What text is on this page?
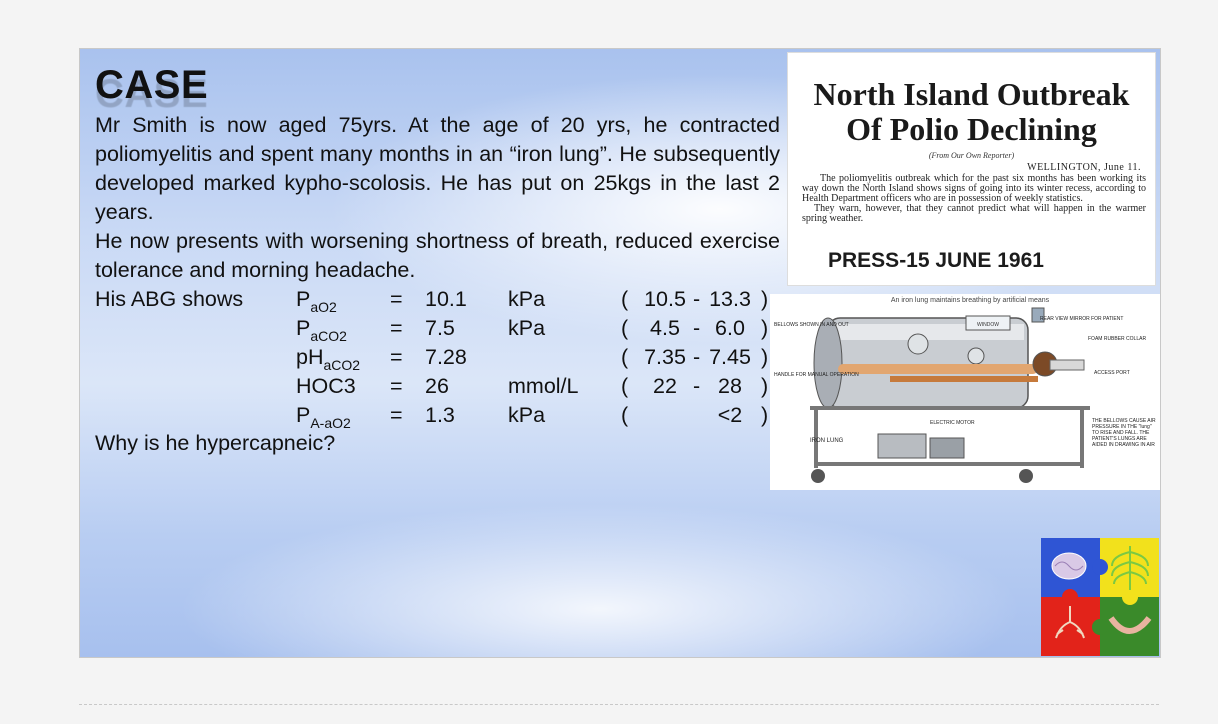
CASE

Mr Smith is now aged 75yrs. At the age of 20 yrs, he contracted poliomyelitis and spent many months in an “iron lung”. He subsequently developed marked kypho-scolosis. He has put on 25kgs in the last 2 years.

He now presents with worsening shortness of breath, reduced exercise tolerance and morning headache.

His ABG shows $P_{aO2} = 10.1$ kPa	( 10.5 - 13.3 )
$P_{aCO2} = 7.5$ kPa	(	4.5 - 6.0 )
$pH_{aCO2} = 7.28$	( 7.35 - 7.45 )
HOC3 = 26	mmol/L (	22 - 28 )
$P_{A-aO2} = 1.3$ kPa	(	<2 )
Why is he hypercapneic?
North Island Outbreak
Of Polio Declining
(From Our Own Reporter)
WELLINGTON, June 11.

The poliomyelitis outbreak which for the past six months has been working its way down the North Island shows signs of going into its winter recess, according to Health Department officers who are in possession of weekly statistics.

They warn, however, that they cannot predict what will happen in the warmer spring weather.

PRESS-15 JUNE 1961
An iron lung maintains breathing by artificial means
WINDOW
BELLOWS SHOWN IN AND OUT
HANDLE FOR MANUAL OPERATION
REAR VIEW MIRROR FOR PATIENT
FOAM RUBBER COLLAR
ACCESS PORT
ELECTRIC MOTOR
IRON LUNG
THE BELLOWS CAUSE AIR PRESSURE IN THE "lung" TO RISE AND FALL. THE PATIENT'S LUNGS ARE AIDED IN DRAWING IN AIR
